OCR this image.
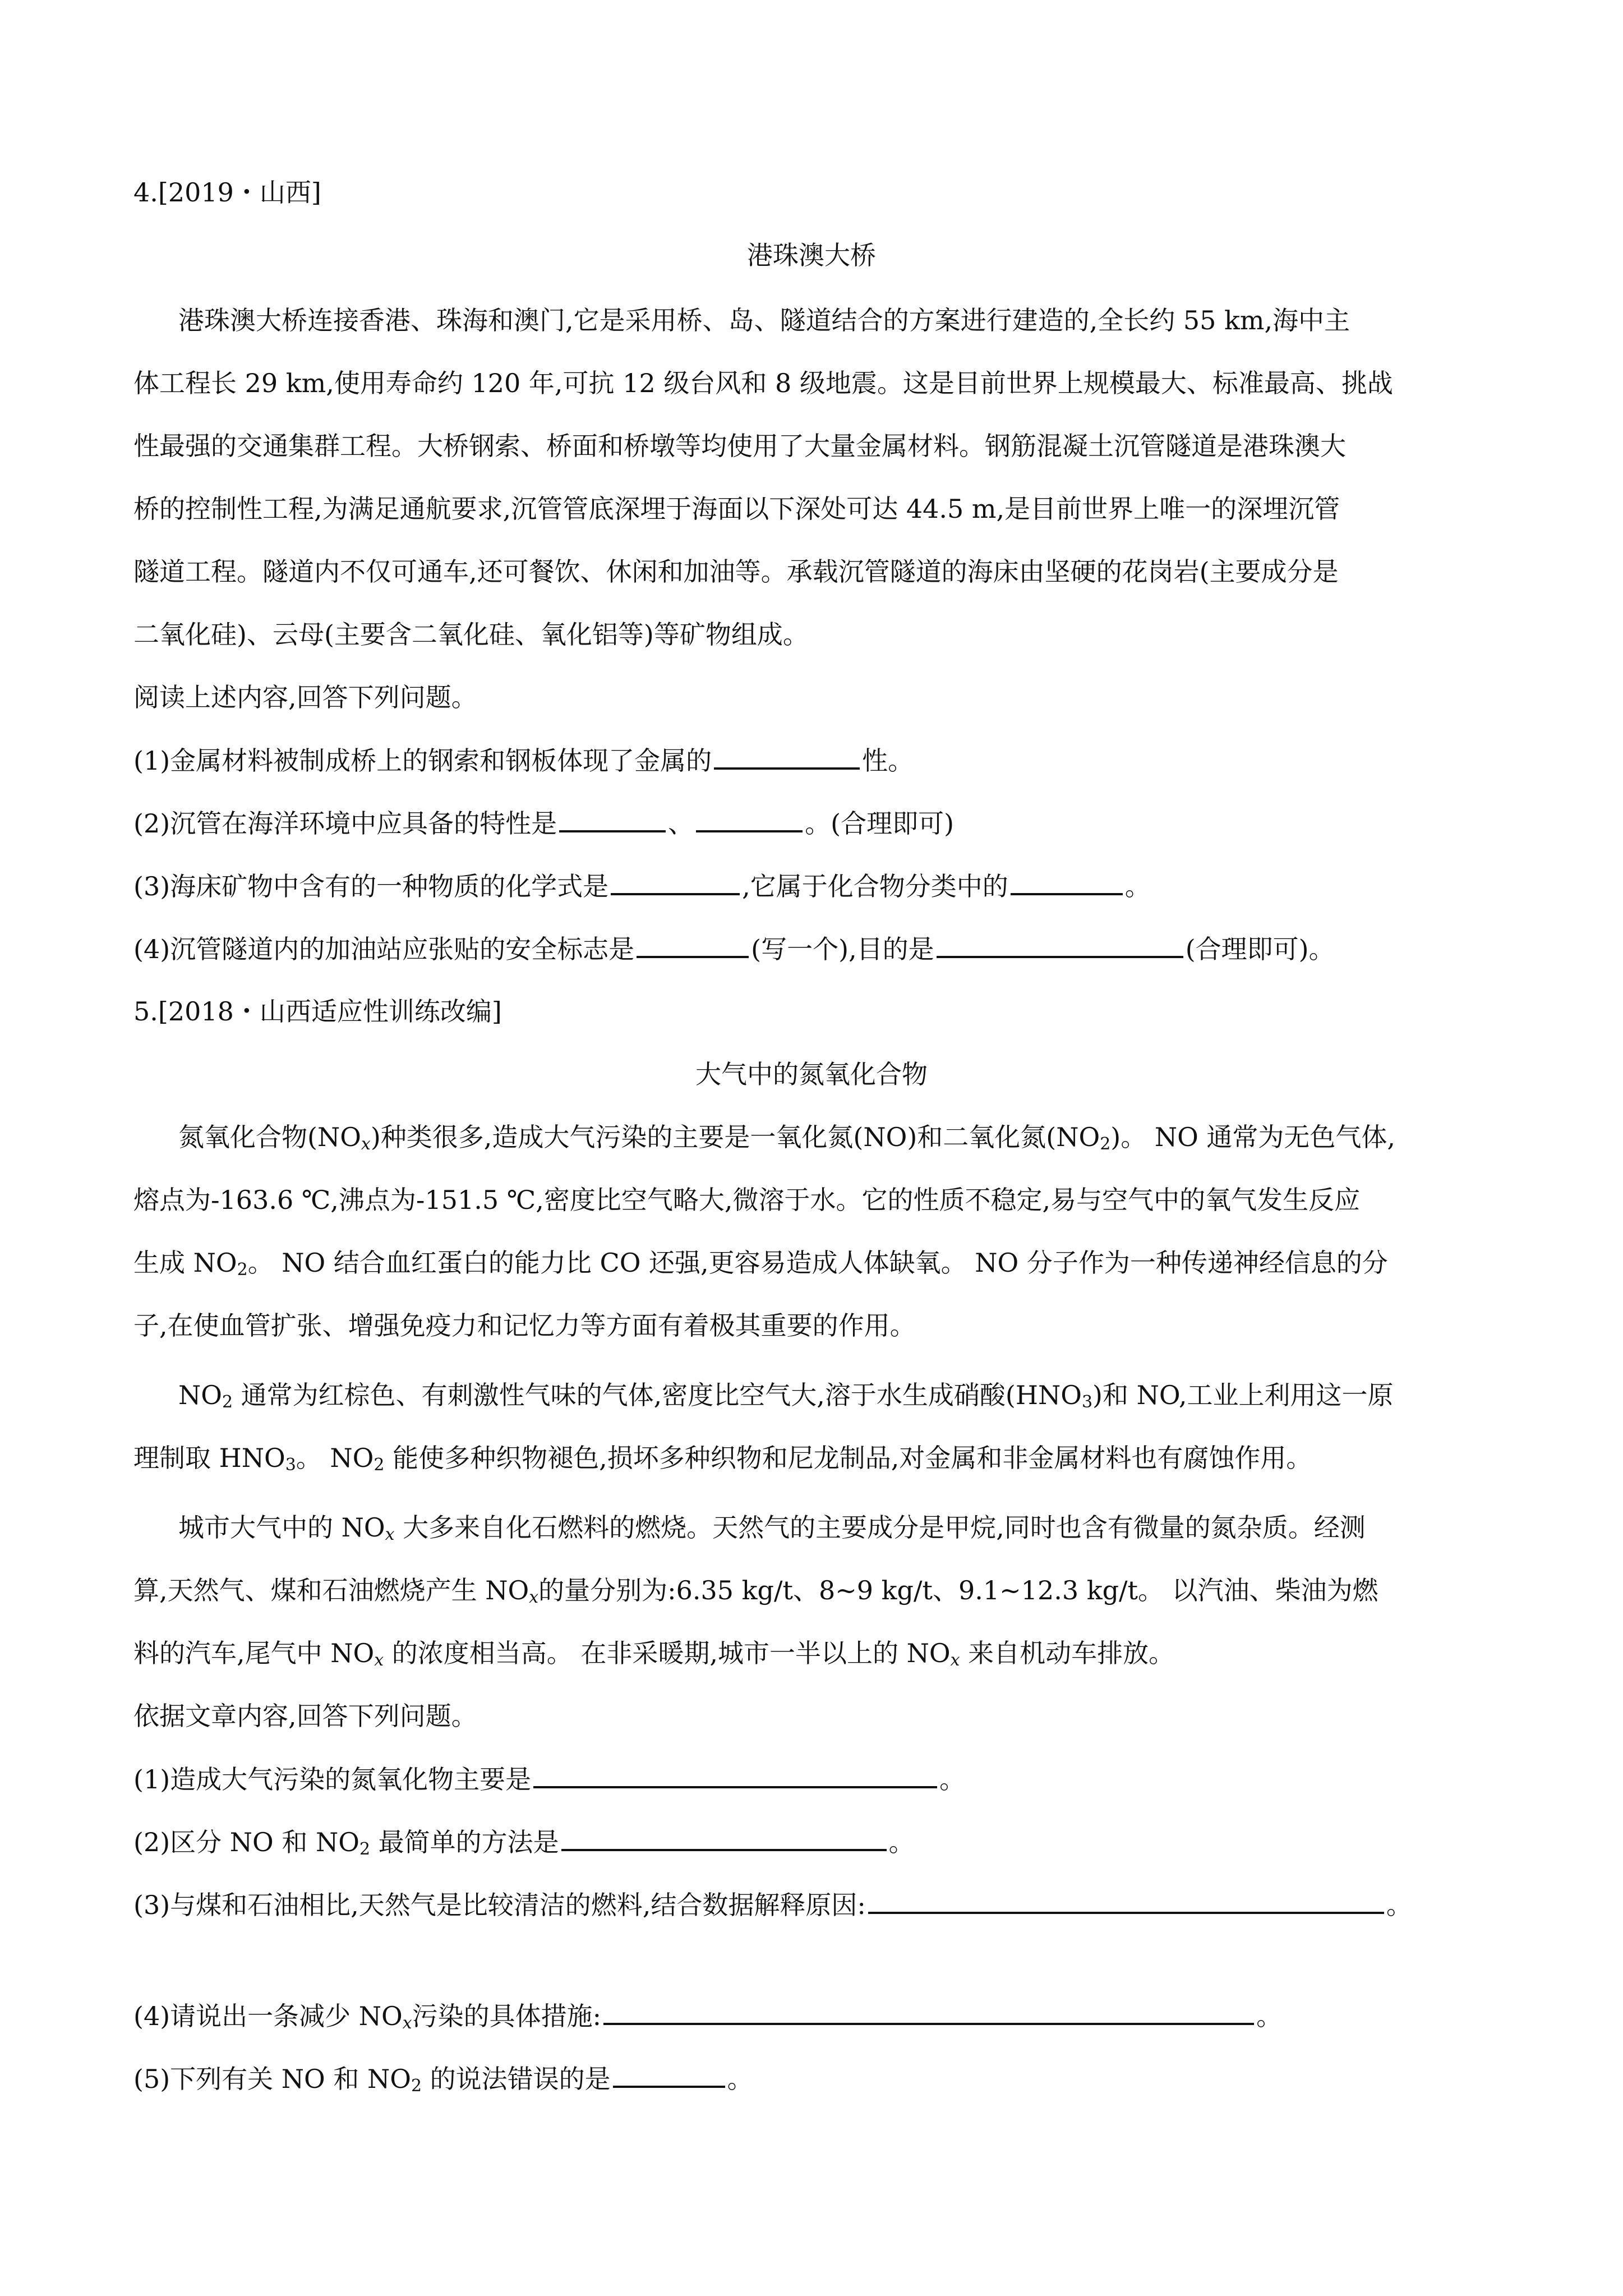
4.[2019・山西]
港珠澳大桥
港珠澳大桥连接香港、珠海和澳门,它是采用桥、岛、隧道结合的方案进行建造的,全长约 55 km,海中主
体工程长 29 km,使用寿命约 120 年,可抗 12 级台风和 8 级地震。这是目前世界上规模最大、标准最高、挑战
性最强的交通集群工程。大桥钢索、桥面和桥墩等均使用了大量金属材料。钢筋混凝土沉管隧道是港珠澳大
桥的控制性工程,为满足通航要求,沉管管底深埋于海面以下深处可达 44.5 m,是目前世界上唯一的深埋沉管
隧道工程。隧道内不仅可通车,还可餐饮、休闲和加油等。承载沉管隧道的海床由坚硬的花岗岩(主要成分是
二氧化硅)、云母(主要含二氧化硅、氧化铝等)等矿物组成。
阅读上述内容,回答下列问题。
(1)金属材料被制成桥上的钢索和钢板体现了金属的	性。
(2)沉管在海洋环境中应具备的特性是	、	。(合理即可)
(3)海床矿物中含有的一种物质的化学式是	,它属于化合物分类中的	。
(4)沉管隧道内的加油站应张贴的安全标志是	(写一个),目的是	(合理即可)。
5.[2018・山西适应性训练改编]
大气中的氮氧化合物
氮氧化合物$(NO_x)$种类很多,造成大气污染的主要是一氧化氮(NO)和二氧化氮$(NO_2)$。 NO 通常为无色气体,
熔点为-163.6 ℃,沸点为-151.5 ℃,密度比空气略大,微溶于水。它的性质不稳定,易与空气中的氧气发生反应
生成 $NO_2$。 NO 结合血红蛋白的能力比 CO 还强,更容易造成人体缺氧。 NO 分子作为一种传递神经信息的分
子,在使血管扩张、增强免疫力和记忆力等方面有着极其重要的作用。
$NO_2$ 通常为红棕色、有刺激性气味的气体,密度比空气大,溶于水生成硝酸$(HNO_3)$和 NO,工业上利用这一原
理制取 $HNO_3$。 $NO_2$ 能使多种织物褪色,损坏多种织物和尼龙制品,对金属和非金属材料也有腐蚀作用。
城市大气中的 $NO_x$ 大多来自化石燃料的燃烧。天然气的主要成分是甲烷,同时也含有微量的氮杂质。经测
算,天然气、煤和石油燃烧产生 $NO_x$的量分别为:6.35 kg/t、8~9 kg/t、9.1~12.3 kg/t。 以汽油、柴油为燃
料的汽车,尾气中 $NO_x$ 的浓度相当高。 在非采暖期,城市一半以上的 $NO_x$ 来自机动车排放。
依据文章内容,回答下列问题。
(1)造成大气污染的氮氧化物主要是	。
(2)区分 NO 和 $NO_2$ 最简单的方法是	。
(3)与煤和石油相比,天然气是比较清洁的燃料,结合数据解释原因:	。
(4)请说出一条减少 $NO_x$污染的具体措施:	。
(5)下列有关 NO 和 $NO_2$ 的说法错误的是	。
